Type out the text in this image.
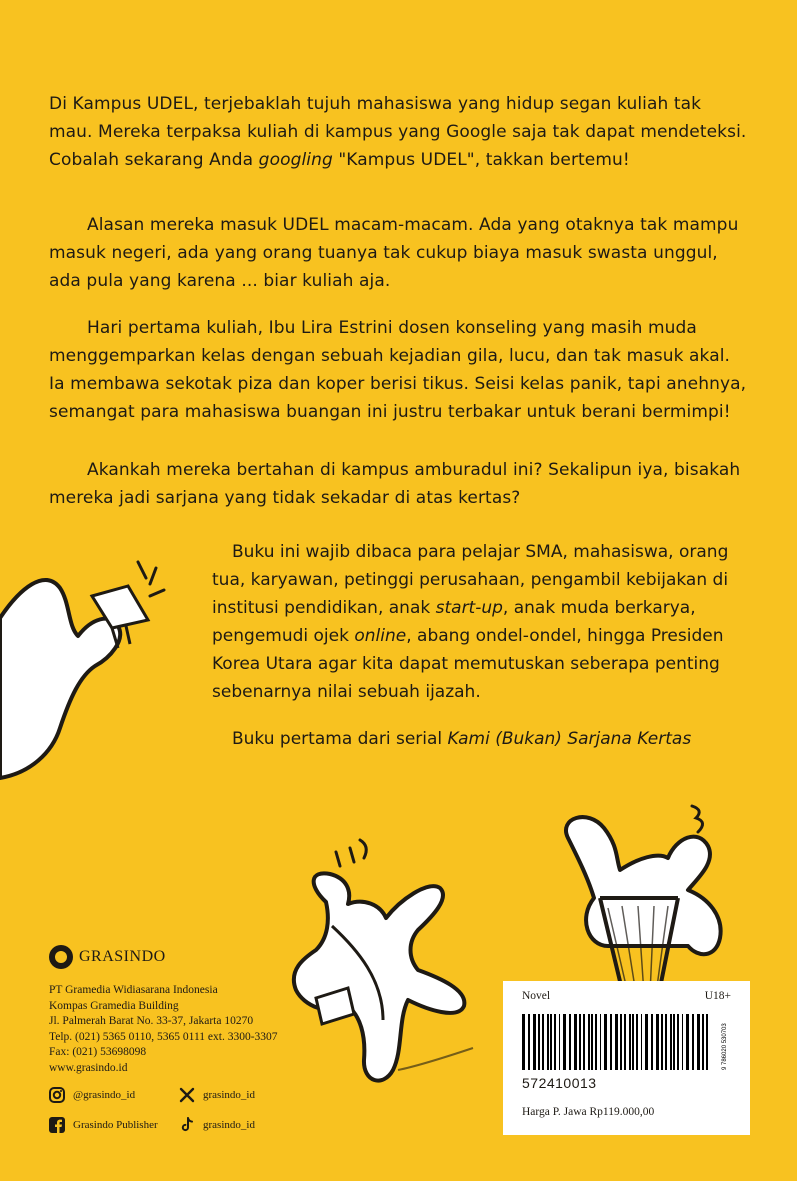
Di Kampus UDEL, terjebaklah tujuh mahasiswa yang hidup segan kuliah tak mau. Mereka terpaksa kuliah di kampus yang Google saja tak dapat mendeteksi. Cobalah sekarang Anda googling "Kampus UDEL", takkan bertemu!

Alasan mereka masuk UDEL macam-macam. Ada yang otaknya tak mampu masuk negeri, ada yang orang tuanya tak cukup biaya masuk swasta unggul, ada pula yang karena ... biar kuliah aja.

Hari pertama kuliah, Ibu Lira Estrini dosen konseling yang masih muda menggemparkan kelas dengan sebuah kejadian gila, lucu, dan tak masuk akal. Ia membawa sekotak piza dan koper berisi tikus. Seisi kelas panik, tapi anehnya, semangat para mahasiswa buangan ini justru terbakar untuk berani bermimpi!

Akankah mereka bertahan di kampus amburadul ini? Sekalipun iya, bisakah mereka jadi sarjana yang tidak sekadar di atas kertas?

Buku ini wajib dibaca para pelajar SMA, mahasiswa, orang tua, karyawan, petinggi perusahaan, pengambil kebijakan di institusi pendidikan, anak start-up, anak muda berkarya, pengemudi ojek online, abang ondel-ondel, hingga Presiden Korea Utara agar kita dapat memutuskan seberapa penting sebenarnya nilai sebuah ijazah.

Buku pertama dari serial Kami (Bukan) Sarjana Kertas
GRASINDO
PT Gramedia Widiasarana Indonesia
Kompas Gramedia Building
Jl. Palmerah Barat No. 33-37, Jakarta 10270
Telp. (021) 5365 0110, 5365 0111 ext. 3300-3307
Fax: (021) 53698098
www.grasindo.id
@grasindo_id	grasindo_id
Grasindo Publisher	grasindo_id
Novel	U18+
9 786020 530703
572410013
Harga P. Jawa Rp119.000,00
